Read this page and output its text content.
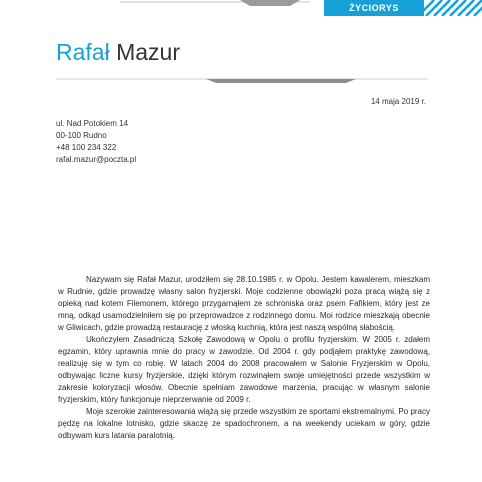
ŻYCIORYS
Rafał Mazur
14 maja 2019 r.
ul. Nad Potokiem 14
00-100 Rudno
+48 100 234 322
rafal.mazur@poczta.pl

Nazywam się Rafał Mazur, urodziłem się 28.10.1985 r. w Opolu. Jestem kawalerem, mieszkam w Rudnie, gdzie prowadzę własny salon fryzjerski. Moje codzienne obowiązki poza pracą wiążą się z opieką nad kotem Filemonem, którego przygarnąłem ze schroniska oraz psem Fafikiem, który jest ze mną, odkąd usamodzielniłem się po przeprowadzce z rodzinnego domu. Moi rodzice mieszkają obecnie w Gliwicach, gdzie prowadzą restaurację z włoską kuchnią, która jest naszą wspólną słabością.

Ukończyłem Zasadniczą Szkołę Zawodową w Opolu o profilu fryzjerskim. W 2005 r. zdałem egzamin, który uprawnia mnie do pracy w zawodzie. Od 2004 r. gdy podjąłem praktykę zawodową, realizuję się w tym co robię. W latach 2004 do 2008 pracowałem w Salonie Fryzjerskim w Opolu, odbywając liczne kursy fryzjerskie, dzięki którym rozwinąłem swoje umiejętności przede wszystkim w zakresie koloryzacji włosów. Obecnie spełniam zawodowe marzenia, pracując w własnym salonie fryzjerskim, który funkcjonuje nieprzerwanie od 2009 r.

Moje szerokie zainteresowania wiążą się przede wszystkim ze sportami ekstremalnymi. Po pracy pędzę na lokalne lotnisko, gdzie skaczę ze spadochronem, a na weekendy uciekam w góry, gdzie odbywam kurs latania paralotnią.
